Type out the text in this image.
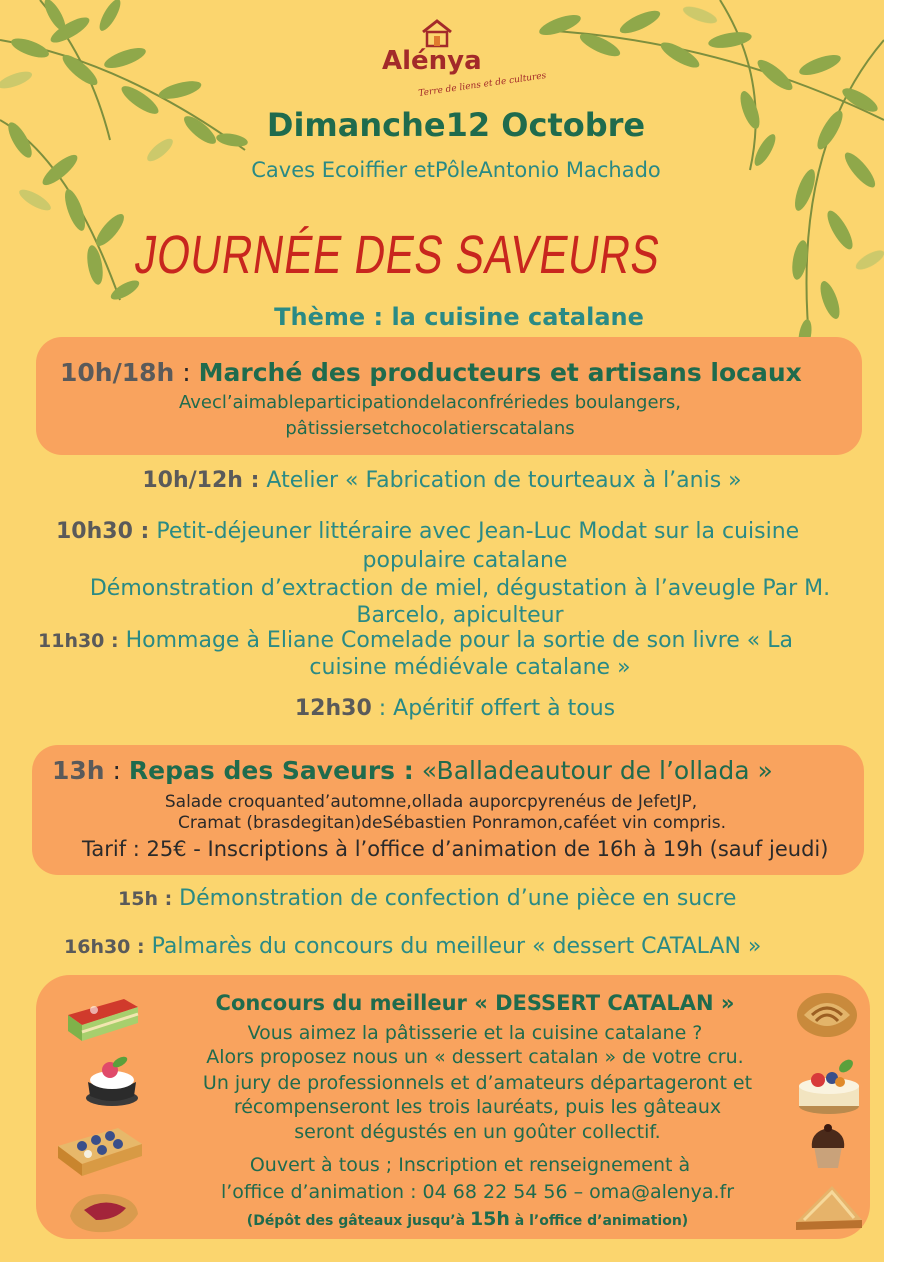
Alénya
Terre de liens et de cultures
Dimanche12 Octobre
Caves Ecoiffier etPôleAntonio Machado
JOURNÉE DES SAVEURS
Thème : la cuisine catalane
10h/18h : Marché des producteurs et artisans locaux
Avecl’aimableparticipationdelaconfrériedes boulangers,
pâtissiersetchocolatierscatalans
10h/12h : Atelier « Fabrication de tourteaux à l’anis »
10h30 : Petit-déjeuner littéraire avec Jean-Luc Modat sur la cuisine
populaire catalane
Démonstration d’extraction de miel, dégustation à l’aveugle Par M.
Barcelo, apiculteur
11h30 : Hommage à Eliane Comelade pour la sortie de son livre « La
cuisine médiévale catalane »
12h30 : Apéritif offert à tous
13h : Repas des Saveurs : «Balladeautour de l’ollada »
Salade croquanted’automne,ollada auporcpyrenéus de JefetJP,
Cramat (brasdegitan)deSébastien Ponramon,caféet vin compris.
Tarif : 25€ - Inscriptions à l’office d’animation de 16h à 19h (sauf jeudi)
15h : Démonstration de confection d’une pièce en sucre
16h30 : Palmarès du concours du meilleur « dessert CATALAN »
Concours du meilleur « DESSERT CATALAN »
Vous aimez la pâtisserie et la cuisine catalane ?
Alors proposez nous un « dessert catalan » de votre cru.
Un jury de professionnels et d’amateurs départageront et
récompenseront les trois lauréats, puis les gâteaux
seront dégustés en un goûter collectif.
Ouvert à tous ; Inscription et renseignement à
l’office d’animation : 04 68 22 54 56 – oma@alenya.fr
(Dépôt des gâteaux jusqu’à 15h à l’office d’animation)
